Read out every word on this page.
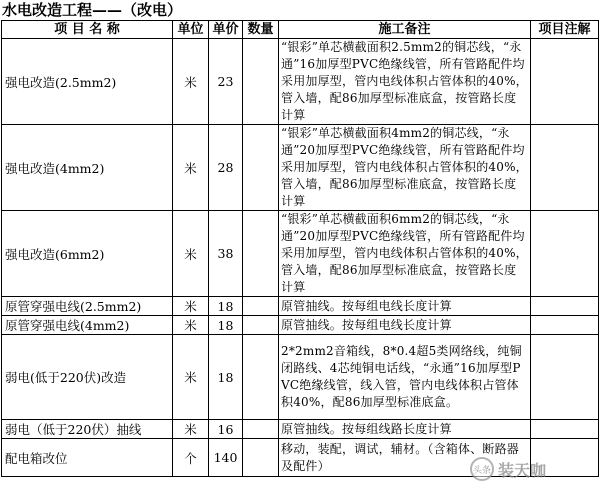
水电改造工程——（改电）
项 目 名 称	单位	单价	数量	施工备注	项目注解
强电改造(2.5mm2)	米	23		“银彩”单芯横截面积2.5mm2的铜芯线，“永通”16加厚型PVC绝缘线管，所有管路配件均采用加厚型，管内电线体积占管体积的40%，管入墙，配86加厚型标准底盒，按管路长度计算	
强电改造(4mm2)	米	28		“银彩”单芯横截面积4mm2的铜芯线，“永通”20加厚型PVC绝缘线管，所有管路配件均采用加厚型，管内电线体积占管体积的40%，管入墙，配86加厚型标准底盒，按管路长度计算	
强电改造(6mm2)	米	38		“银彩”单芯横截面积6mm2的铜芯线，“永通”20加厚型PVC绝缘线管，所有管路配件均采用加厚型，管内电线体积占管体积的40%，管入墙，配86加厚型标准底盒，按管路长度计算	
原管穿强电线(2.5mm2)	米	18		原管抽线。按每组电线长度计算	
原管穿强电线(4mm2)	米	18		原管抽线。按每组电线长度计算	
弱电(低于220伏)改造	米	18		2*2mm2音箱线，8*0.4超5类网络线，纯铜闭路线、4芯纯铜电话线，“永通”16加厚型PVC绝缘线管，线入管，管内电线体积占管体积40%，配86加厚型标准底盒。	
弱电（低于220伏）抽线	米	16		原管抽线。按每组线路长度计算	
配电箱改位	个	140		移动，装配，调试，辅材。（含箱体、断路器及配件）		头条 装天咖
